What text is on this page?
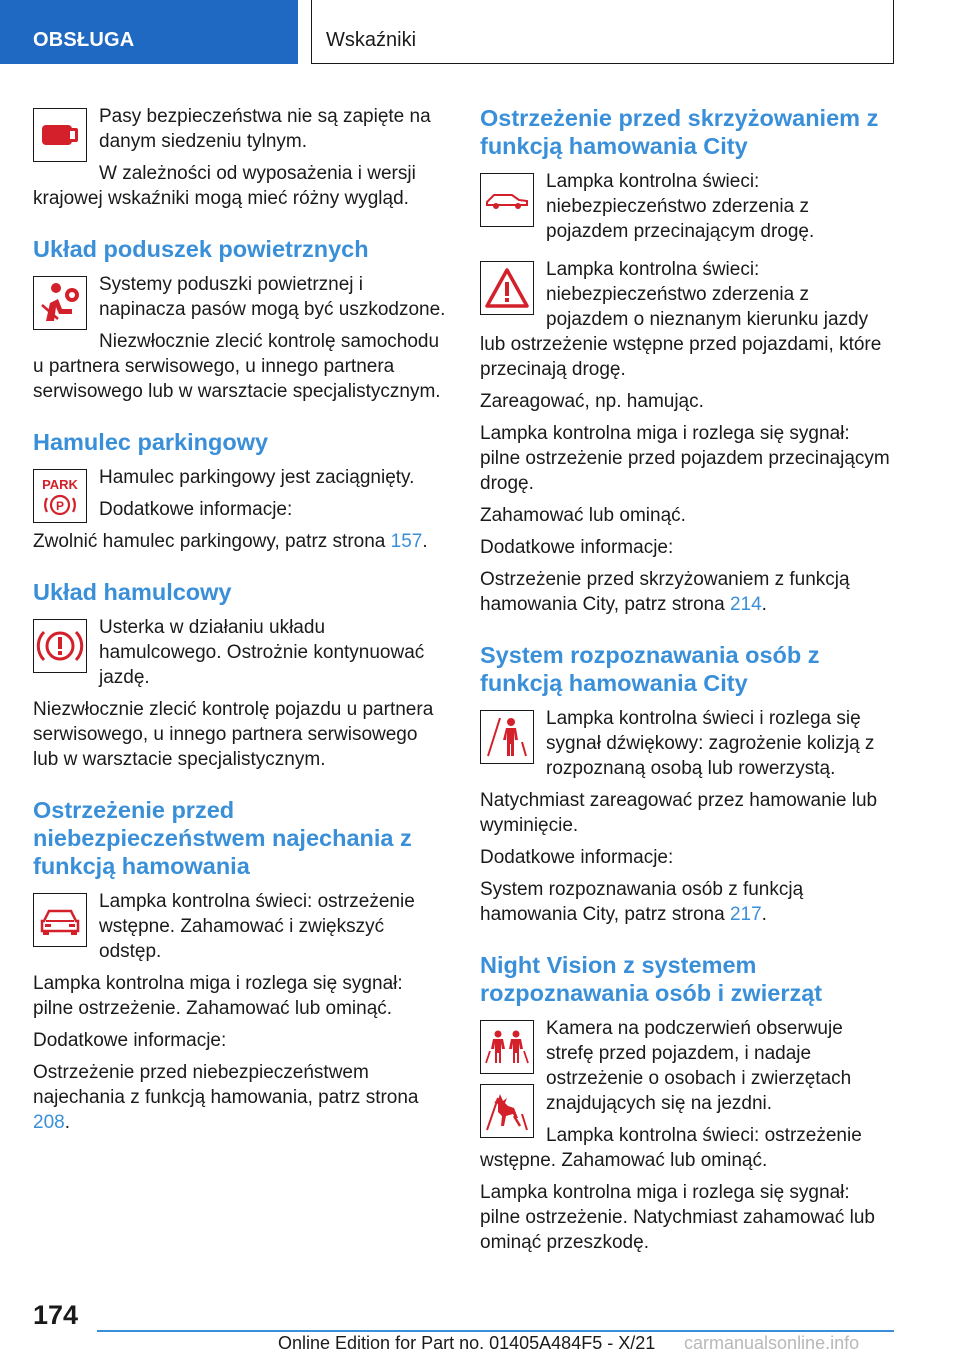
OBSŁUGA	Wskaźniki

Pasy bezpieczeństwa nie są zapięte na danym siedzeniu tylnym.

W zależności od wyposażenia i wersji krajowej wskaźniki mogą mieć różny wygląd.

Układ poduszek powietrznych

Systemy poduszki powietrznej i napinacza pasów mogą być uszkodzone.

Niezwłocznie zlecić kontrolę samochodu u partnera serwisowego, u innego partnera serwisowego lub w warsztacie specjalistycznym.

Hamulec parkingowy
PARK
P

Hamulec parkingowy jest zaciągnięty.

Dodatkowe informacje:

Zwolnić hamulec parkingowy, patrz strona 157.

Układ hamulcowy

Usterka w działaniu układu hamulcowego. Ostrożnie kontynuować jazdę.

Niezwłocznie zlecić kontrolę pojazdu u partnera serwisowego, u innego partnera serwisowego lub w warsztacie specjalistycznym.

Ostrzeżenie przed niebezpieczeństwem najechania z funkcją hamowania

Lampka kontrolna świeci: ostrzeżenie wstępne. Zahamować i zwiększyć odstęp.

Lampka kontrolna miga i rozlega się sygnał: pilne ostrzeżenie. Zahamować lub ominąć.

Dodatkowe informacje:

Ostrzeżenie przed niebezpieczeństwem najechania z funkcją hamowania, patrz strona 208.

Ostrzeżenie przed skrzyżowaniem z funkcją hamowania City

Lampka kontrolna świeci: niebezpieczeństwo zderzenia z pojazdem przecinającym drogę.

Lampka kontrolna świeci: niebezpieczeństwo zderzenia z pojazdem o nieznanym kierunku jazdy lub ostrzeżenie wstępne przed pojazdami, które przecinają drogę.

Zareagować, np. hamując.

Lampka kontrolna miga i rozlega się sygnał: pilne ostrzeżenie przed pojazdem przecinającym drogę.

Zahamować lub ominąć.

Dodatkowe informacje:

Ostrzeżenie przed skrzyżowaniem z funkcją hamowania City, patrz strona 214.

System rozpoznawania osób z funkcją hamowania City

Lampka kontrolna świeci i rozlega się sygnał dźwiękowy: zagrożenie kolizją z rozpoznaną osobą lub rowerzystą.

Natychmiast zareagować przez hamowanie lub wyminięcie.

Dodatkowe informacje:

System rozpoznawania osób z funkcją hamowania City, patrz strona 217.

Night Vision z systemem rozpoznawania osób i zwierząt

Kamera na podczerwień obserwuje strefę przed pojazdem, i nadaje ostrzeżenie o osobach i zwierzętach znajdujących się na jezdni.

Lampka kontrolna świeci: ostrzeżenie wstępne. Zahamować lub ominąć.

Lampka kontrolna miga i rozlega się sygnał: pilne ostrzeżenie. Natychmiast zahamować lub ominąć przeszkodę.

174
Online Edition for Part no. 01405A484F5 - X/21 carmanualsonline.info
